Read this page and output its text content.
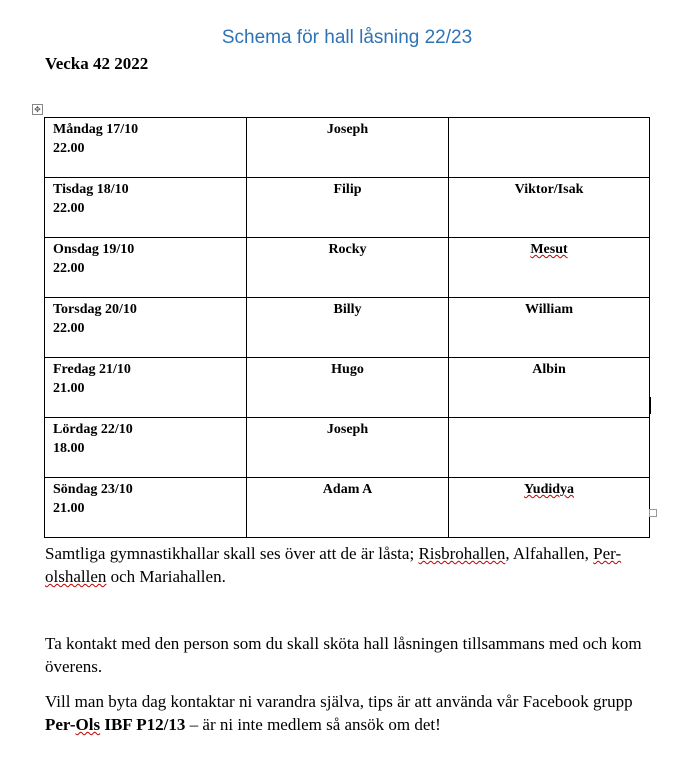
Schema för hall låsning 22/23
Vecka 42 2022
✥
Måndag 17/10
22.00	Joseph	

Tisdag 18/10
22.00	Filip	Viktor/Isak

Onsdag 19/10
22.00	Rocky	Mesut

Torsdag 20/10
22.00	Billy	William

Fredag 21/10
21.00	Hugo	Albin

Lördag 22/10
18.00	Joseph	

Söndag 23/10
21.00	Adam A	Yudidya
Samtliga gymnastikhallar skall ses över att de är låsta; Risbrohallen, Alfahallen, Per-olshallen och Mariahallen.
Ta kontakt med den person som du skall sköta hall låsningen tillsammans med och kom överens.
Vill man byta dag kontaktar ni varandra själva, tips är att använda vår Facebook grupp Per-Ols IBF P12/13 – är ni inte medlem så ansök om det!
